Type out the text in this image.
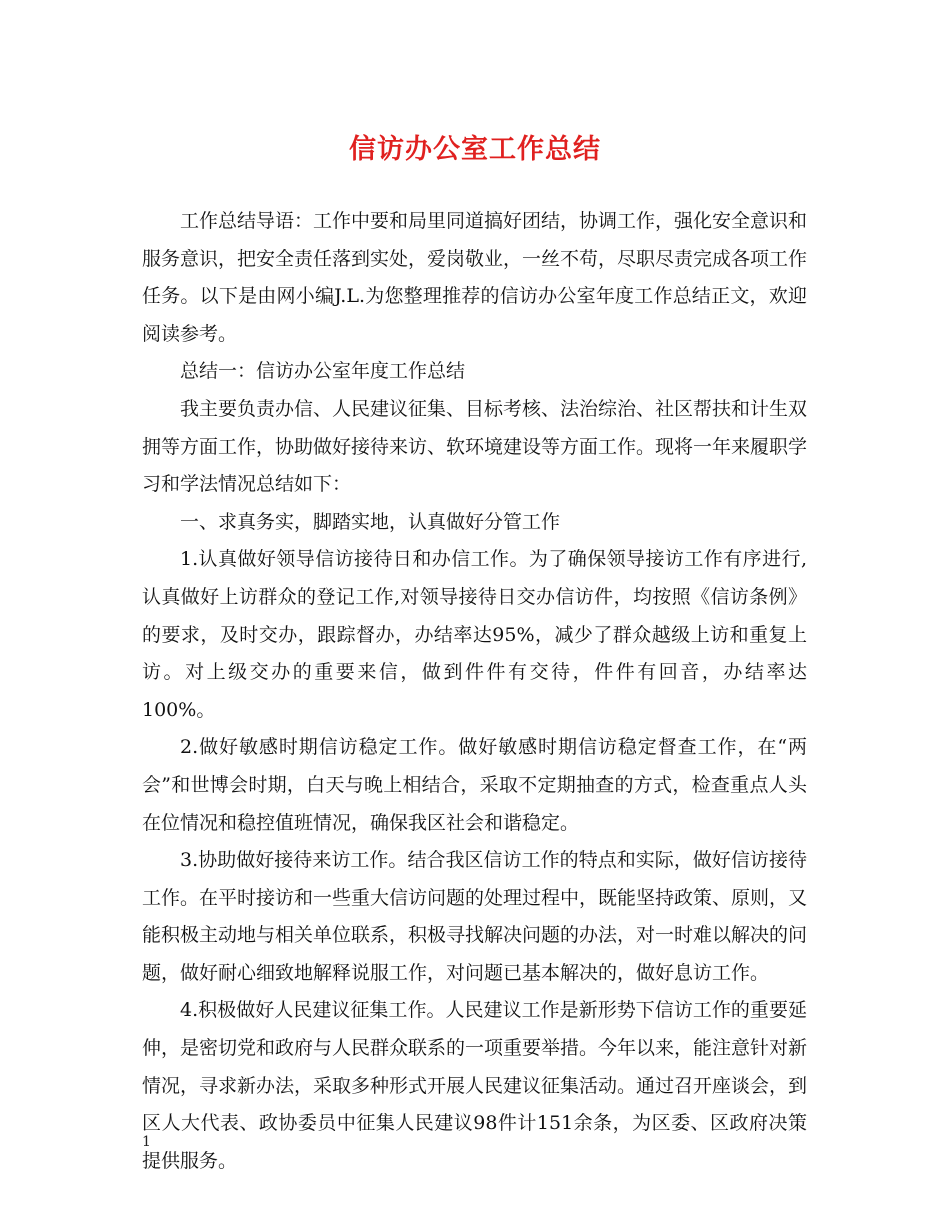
信访办公室工作总结

工作总结导语：工作中要和局里同道搞好团结，协调工作，强化安全意识和服务意识，把安全责任落到实处，爱岗敬业，一丝不苟，尽职尽责完成各项工作任务。以下是由网小编J.L.为您整理推荐的信访办公室年度工作总结正文，欢迎阅读参考。

总结一：信访办公室年度工作总结

我主要负责办信、人民建议征集、目标考核、法治综治、社区帮扶和计生双拥等方面工作，协助做好接待来访、软环境建设等方面工作。现将一年来履职学习和学法情况总结如下：

一、求真务实，脚踏实地，认真做好分管工作

1.认真做好领导信访接待日和办信工作。为了确保领导接访工作有序进行,认真做好上访群众的登记工作,对领导接待日交办信访件，均按照《信访条例》的要求，及时交办，跟踪督办，办结率达95%，减少了群众越级上访和重复上访。对上级交办的重要来信，做到件件有交待，件件有回音，办结率达 100%。

2.做好敏感时期信访稳定工作。做好敏感时期信访稳定督查工作，在“两会”和世博会时期，白天与晚上相结合，采取不定期抽查的方式，检查重点人头在位情况和稳控值班情况，确保我区社会和谐稳定。

3.协助做好接待来访工作。结合我区信访工作的特点和实际，做好信访接待工作。在平时接访和一些重大信访问题的处理过程中，既能坚持政策、原则，又能积极主动地与相关单位联系，积极寻找解决问题的办法，对一时难以解决的问题，做好耐心细致地解释说服工作，对问题已基本解决的，做好息访工作。

4.积极做好人民建议征集工作。人民建议工作是新形势下信访工作的重要延伸，是密切党和政府与人民群众联系的一项重要举措。今年以来，能注意针对新情况，寻求新办法，采取多种形式开展人民建议征集活动。通过召开座谈会，到区人大代表、政协委员中征集人民建议98件计151余条，为区委、区政府决策提供服务。

1
